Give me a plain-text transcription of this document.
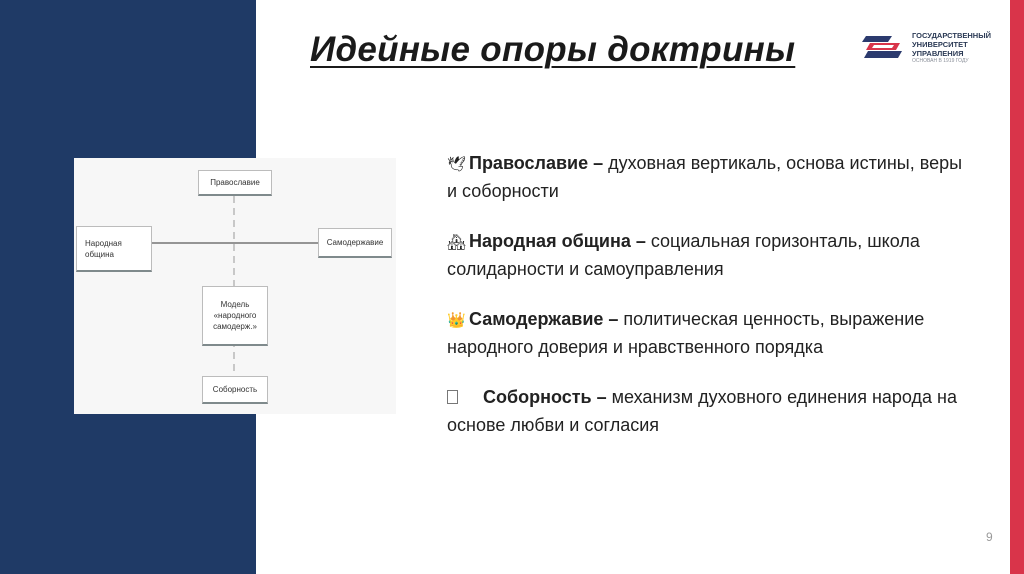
Идейные опоры доктрины	ГОСУДАРСТВЕННЫЙ
УНИВЕРСИТЕТ
УПРАВЛЕНИЯ
ОСНОВАН В 1919 ГОДУ
Православие
Народная
община
Самодержавие
Модель
«народного
самодерж.»
Соборность
🕊 Православие – духовная вертикаль, основа истины, веры и соборности
🏘 Народная община – социальная горизонталь, школа солидарности и самоуправления
👑 Самодержавие – политическая ценность, выражение народного доверия и нравственного порядка
Соборность – механизм духовного единения народа на основе любви и согласия
9
